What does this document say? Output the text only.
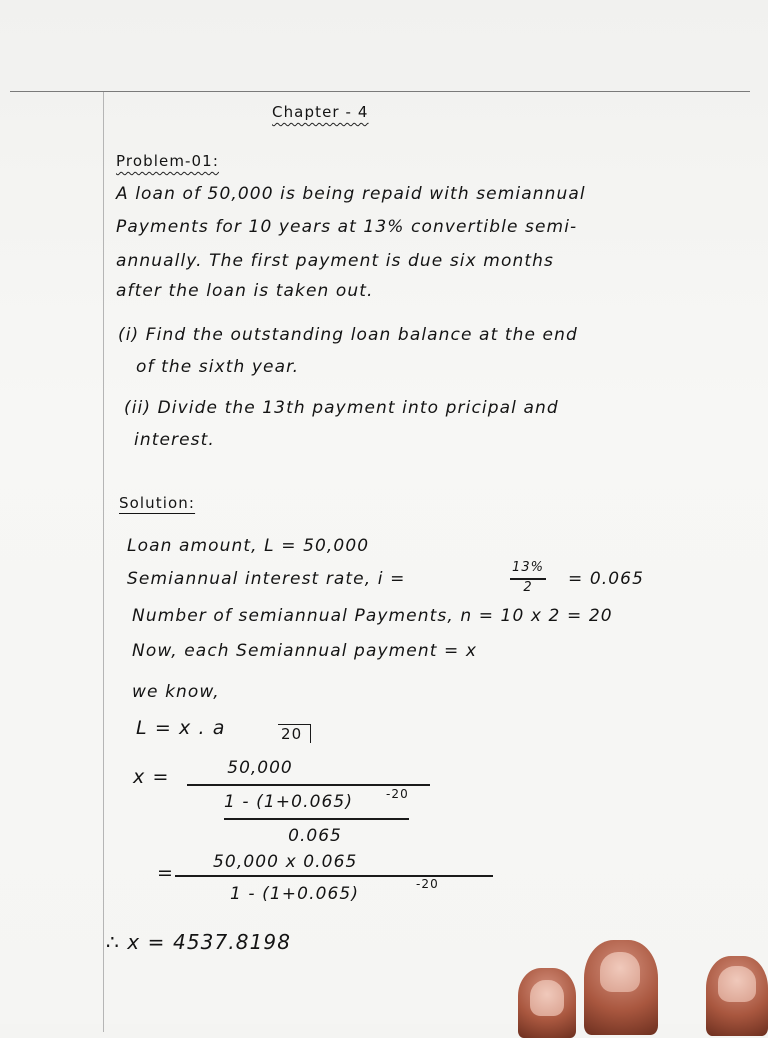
Chapter - 4
Problem-01:
A loan of 50,000 is being repaid with semiannual
Payments for 10 years at 13% convertible semi-
annually. The first payment is due six months
after the loan is taken out.
(i) Find the outstanding loan balance at the end
of the sixth year.
(ii) Divide the 13th payment into pricipal and
interest.
Solution:
Loan amount, L = 50,000
Semiannual interest rate, i =
13%
2	= 0.065
Number of semiannual Payments, n = 10 x 2 = 20
Now, each Semiannual payment = x
we know,
L = x . a	20
x =	50,000
1 - (1+0.065)	-20
0.065
= 50,000 x 0.065
1 - (1+0.065)	-20
∴ x = 4537.8198
